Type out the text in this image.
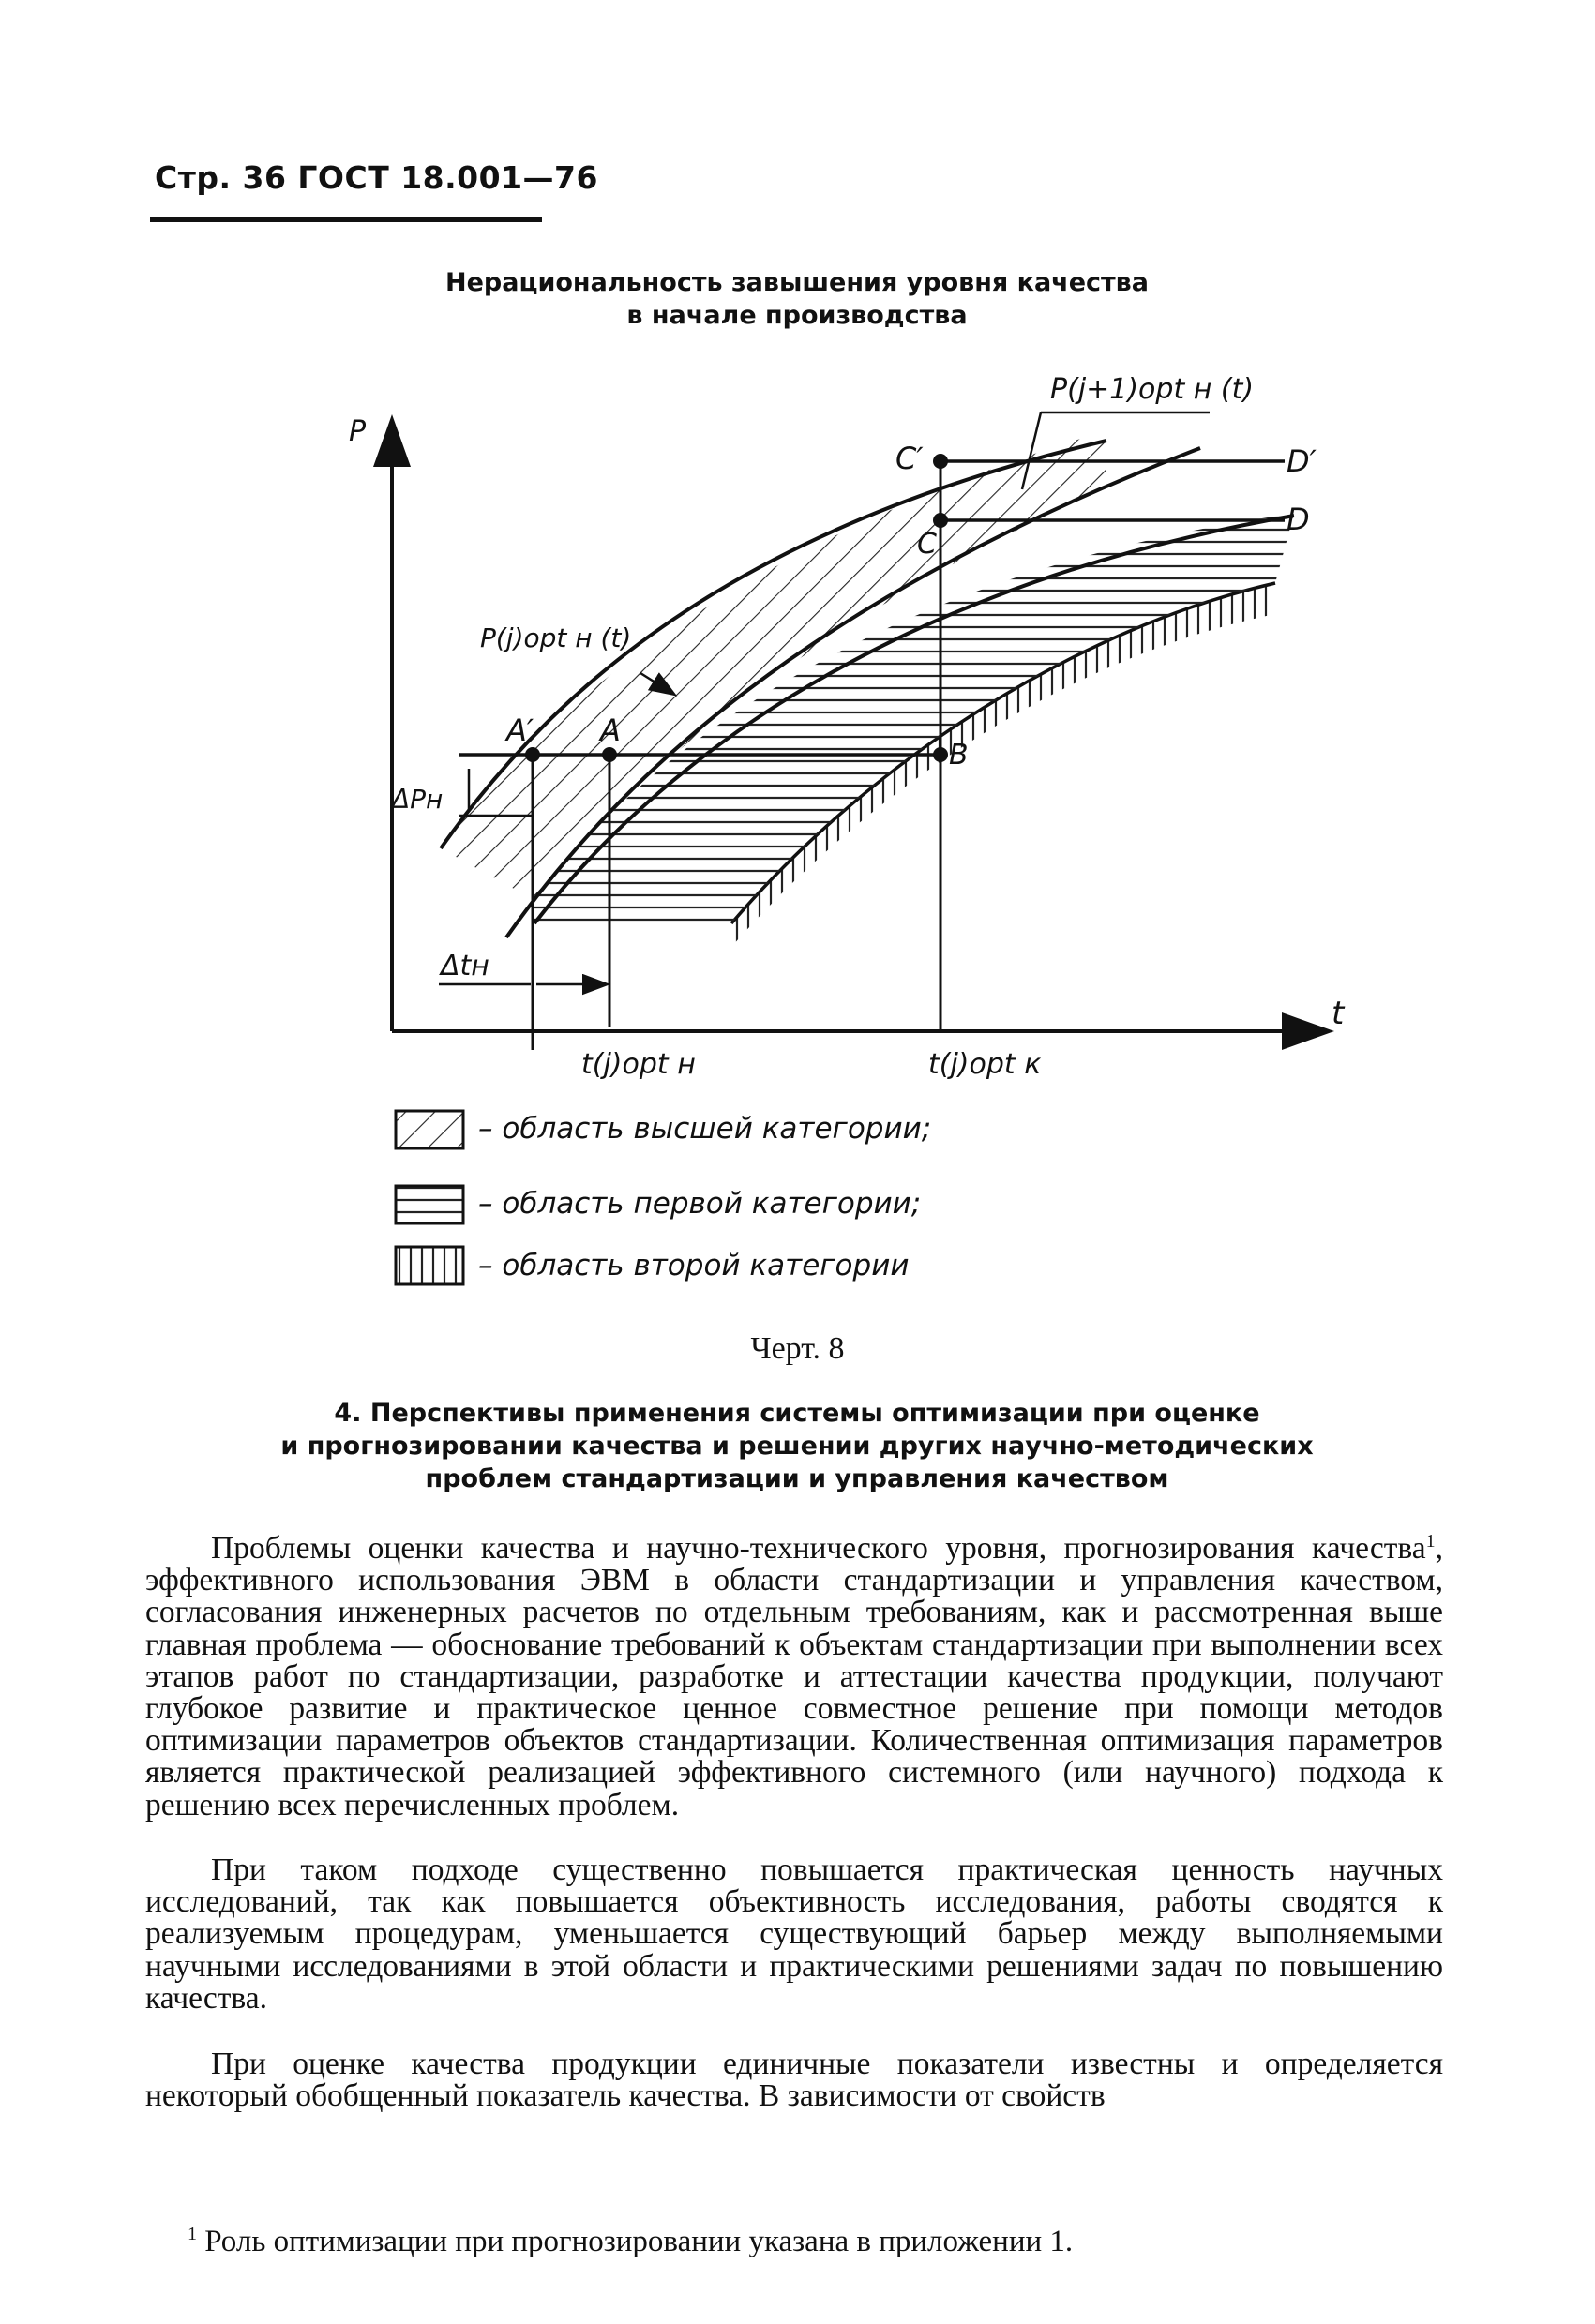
Стр. 36 ГОСТ 18.001—76
Нерациональность завышения уровня качества
в начале производства
P
t
P(j+1)opt н (t)
P(j)opt н (t)
C′	D′
C
D
A′ A
B
ΔPн
Δtн
t(j)opt н	t(j)opt к
– область высшей категории;
– область первой категории;
– область второй категории
Черт. 8
4. Перспективы применения системы оптимизации при оценке
и прогнозировании качества и решении других научно-методических
проблем стандартизации и управления качеством

Проблемы оценки качества и научно-технического уровня, прогнозирования качества$^1$, эффективного использования ЭВМ в области стандартизации и управления качеством, согласования инженерных расчетов по отдельным требованиям, как и рассмотренная выше главная проблема — обоснование требований к объектам стандартизации при выполнении всех этапов работ по стандартизации, разработке и аттестации качества продукции, получают глубокое развитие и практическое ценное совместное решение при помощи методов оптимизации параметров объектов стандартизации. Количественная оптимизация параметров является практической реализацией эффективного системного (или научного) подхода к решению всех перечисленных проблем.

При таком подходе существенно повышается практическая ценность научных исследований, так как повышается объективность исследования, работы сводятся к реализуемым процедурам, уменьшается существующий барьер между выполняемыми научными исследованиями в этой области и практическими решениями задач по повышению качества.

При оценке качества продукции единичные показатели известны и определяется некоторый обобщенный показатель качества. В зависимости от свойств

$^1$ Роль оптимизации при прогнозировании указана в приложении 1.
